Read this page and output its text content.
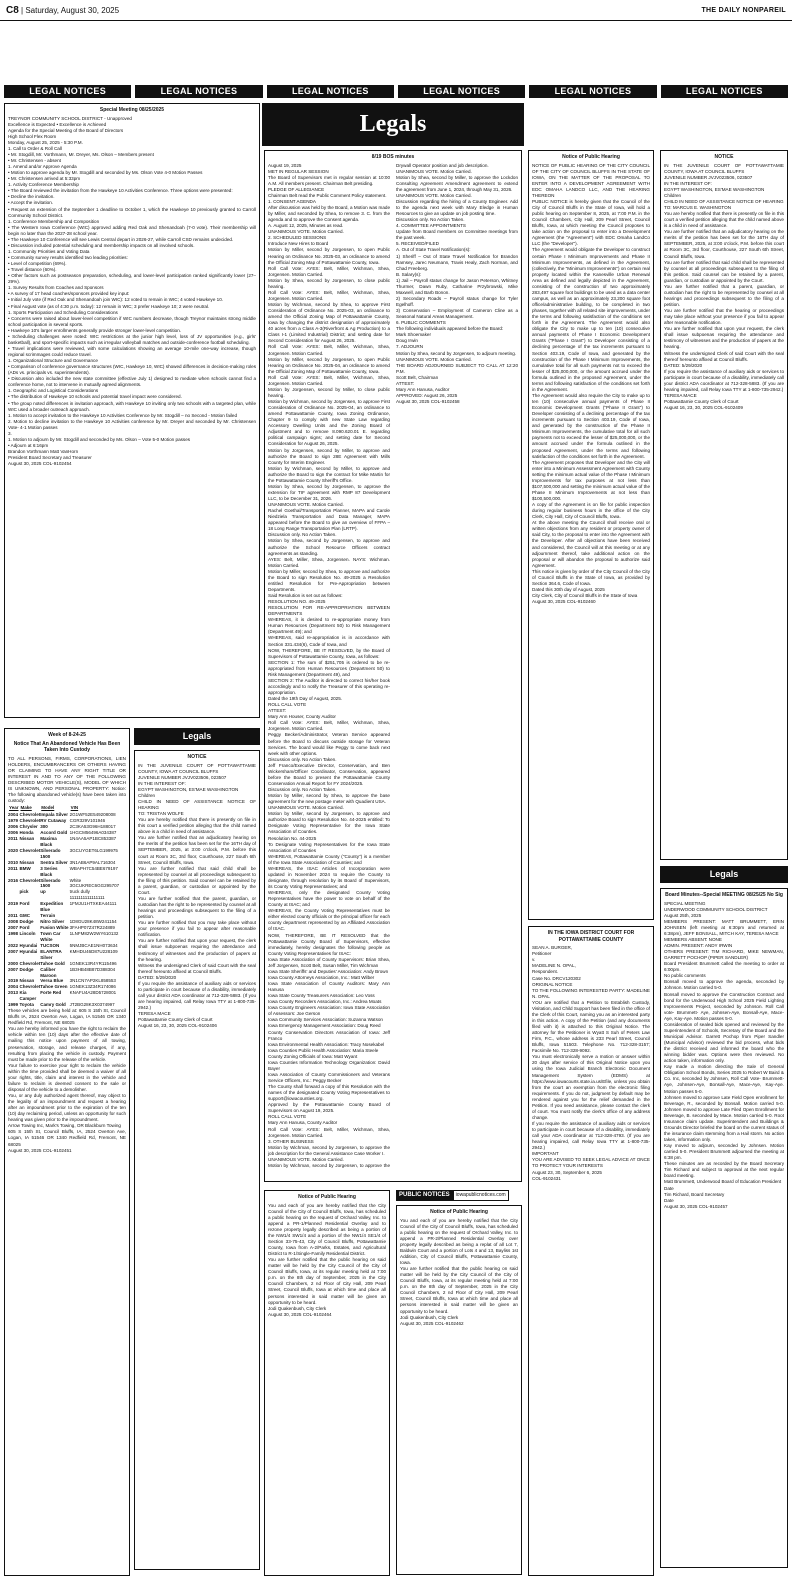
C8 | Saturday, August 30, 2025	THE DAILY NONPAREIL
LEGAL NOTICES	LEGAL NOTICES	LEGAL NOTICES	LEGAL NOTICES	LEGAL NOTICES	LEGAL NOTICES
Special Meeting 08/25/2025
TREYNOR COMMUNITY SCHOOL DISTRICT - Unapproved
Excellence is Expected • Excellence is Achieved
Agenda for the Special Meeting of the Board of Directors
High School Flex Room
Monday, August 25, 2025 - 5:30 P.M.
1. Call to Order & Roll Call
• Mr. Stogdill, Mr. Vorthmann, Mr. Dreyer, Ms. Olson – Members present
• Mr. Christensen - absent
1. Amend and/or Approve Agenda
• Motion to approve agenda by Mr. Stogdill and seconded by Ms. Olson Vote 4-0 Motion Passes
• Mr. Christensen arrived at 5:33pm
1. Activity Conference Membership
• The Board reviewed the invitation from the Hawkeye 10 Activities Conference. Three options were presented:
• Decline the invitation.
• Accept the invitation.
• Request an extension of the September 1 deadline to October 1, which the Hawkeye 10 previously granted to Carroll Community School District.
1. Conference Membership and Composition
• The Western Iowa Conference (WIC) approved adding Red Oak and Shenandoah (7-0 vote). Their membership will begin no later than the 2027-28 school year.
• The Hawkeye 10 Conference will see Lewis Central depart in 2026-27, while Carroll CSD remains undecided.
• Discussion included potential scheduling and membership impacts on all involved schools.
1. Community Priorities and Voting Data
• Community survey results identified two leading priorities:
• Level of competition (69%).
• Travel distance (60%).
• Other factors such as postseason preparation, scheduling, and lower-level participation ranked significantly lower (27–29%).
1. Survey Results from Coaches and Sponsors
• A survey of 17 head coaches/sponsors provided key input:
• Initial July vote (if Red Oak and Shenandoah join WIC): 12 voted to remain in WIC; 4 voted Hawkeye 10.
• Final August vote (as of 4:30 p.m. today): 12 remain in WIC; 3 prefer Hawkeye 10; 2 were neutral.
1. Sports Participation and Scheduling Considerations
• Concerns were raised about lower-level competition if WIC numbers decrease, though Treynor maintains strong middle school participation in several sports.
• Hawkeye 10's larger enrollments generally provide stronger lower-level competition.
• Scheduling challenges were noted: WIC restrictions at the junior high level, loss of JV opportunities (e.g., girls' basketball), and sport-specific impacts such as irregular volleyball matches and outside-conference football scheduling.
• Travel implications were reviewed, with some calculations showing an average 10-mile one-way increase, though regional scrimmages could reduce travel.
1. Organizational Structure and Governance
• Comparison of conference governance structures (WIC, Hawkeye 10, WIC) showed differences in decision-making roles (ADs vs. principals vs. superintendents).
• Discussion also included the new state committee (effective July 1) designed to mediate when schools cannot find a conference home, not to intervene in mutually agreed alignments.
1. Geographic and Logistical Considerations
• The distribution of Hawkeye 10 schools and potential travel impact were considered.
• The group noted differences in invitation approach, with Hawkeye 10 inviting only two schools with a targeted plan, while WIC used a broader outreach approach.
1. Motion to accept invitation to the Hawkeye 10 Activities Conference by Mr. Stogdill – no Second - Motion failed
2. Motion to decline invitation to the Hawkeye 10 Activities conference by Mr. Dreyer and seconded by Mr. Christensen Vote- 4-1 Motion passes
3.
1. Motion to adjourn by Mr. Stogdill and seconded by Ms. Olson – Vote 5-0 Motion passes
• Adjourn at 6:16pm
Brandon Vorthmann Matt VanHorn
President Board Secretary and Treasurer
August 30, 2025 COL-9102454
Week of 8-24-25
Notice That An Abandoned Vehicle Has Been Taken Into Custody
TO ALL PERSONS, FIRMS, CORPORATIONS, LIEN HOLDERS, ENCUMBRANCERS OR OTHERS HAVING OR CLAIMING TO HAVE ANY RIGHT TITLE OR INTEREST IN AND TO ANY OF THE FOLLOWING DESCRIBED MOTOR VEHICLE(S), MODEL OF WHICH IS UNKNOWN, AND PERSONAL PROPERTY: Notice: The following abandoned vehicle(s) have been taken into custody:
Year	Make	Model	VIN
2004	Chevrolet	Impala Silver	2G1WF52E549208008
1979	Chevrolet	RV Cutaway	CGR329V101946
2006	Chrysler	300	2C3KA53G96H188017
2006	Honda	Accord Gold	1HGCM56496A034387
2011	Nissan	Maxima Black	1N4AA5AP1BC853387
2020	Chevrolet	Silverado 1500	3GCUYGET6LG199975
2010	Nissan	Sentra Silver	3N1AB6AP9AL716304
2011	BMW	3 Series Black	WBAPH7C54BE679197
2016	Chevrolet	Silverado 1500	White 3GCUKREC6GG295707
	pick	up	truck dully 1111111111111111
2019	Ford	Expedition Blue	1FMJU1HTXKEA44111
2011	GMC	Terrain	
2008	Dodge	Nitro Silver	1D8GU28K48W241154
2007	Ford	Fusion White	3FAHP07Z47R224889
1998	Lincoln	Town Car White	1LNFM82W2WY610132
2022	Hyundai	TUCSON	5NMJBCAE1NH073634
2007	Hyundai	ELANTRA Silver	KMHDU46D87U228109
2000	Chevrolet	Tahoe Gold	1GNEK13R4YR115496
2007	Dodge	Caliber Maroon	1B3HB48B87D388304
2019	Nissan	Versa Blue	3N1CN7AP2KL858553
2004	Chevrolet	Tahoe Green	1GNEK13Z34R174086
2013	Kia	Forte Red	KNAFU4A28D5728001
	Camper		
1999	Toyota	Camry Gold	JT2BG28K3X0374997
These vehicles are being held at: 605 S 15th St, Council Bluffs IA, 2524 Overton Ave, Logan, IA 51546 OR 1340 Redfield Rd, Fremont, NE 68025
You are hereby informed you have the right to reclaim the vehicle within ten (10) days after the effective date of mailing this notice upon payment of all towing, preservation, storage, and release charges, if any, resulting from placing the vehicle in custody. Payment must be made prior to the release of the vehicle.
Your failure to exercise your right to reclaim the vehicle within the time provided shall be deemed a waiver of all your rights, title, claim and interest in the vehicle and failure to reclaim is deemed consent to the sale or disposal of the vehicle to a demolisher.
You, or any duly authorized agent thereof, may object to the legality of an impoundment and request a hearing after an impoundment prior to the expiration of the ten (10) day reclaiming period, unless an opportunity for such hearing was given prior to the impoundment.
Arrow Towing Inc, Mark's Towing, OR Blackburn Towing
605 S 15th St, Council Bluffs, IA, 2524 Overton Ave, Logan, IA 51546 OR 1340 Redfield Rd, Fremont, NE 68025
August 30, 2025 COL-9102451
Legals
NOTICE
IN THE JUVENILE COURT OF POTTAWATTAMIE COUNTY, IOWA AT COUNCIL BLUFFS
JUVENILE NUMBER JVJV023506, 023507
IN THE INTEREST OF:
EGYPT WASHINGTON, ES'MAE WASHINGTON
Children
CHILD IN NEED OF ASSISTANCE NOTICE OF HEARING
TO: TRISTAN WOLFE
You are hereby notified that there is presently on file in this court a verified petition alleging that the child named above is a child in need of assistance.
You are further notified that an adjudicatory hearing on the merits of the petition has been set for the 16TH day of SEPTEMBER, 2025, at 3:00 o'clock, P.M. before this court at Room 3C, 3rd floor, Courthouse, 227 South 6th Street, Council Bluffs, Iowa.
You are further notified that said child shall be represented by counsel at all proceedings subsequent to the filing of this petition. Said counsel can be retained by a parent, guardian, or custodian or appointed by the Court.
You are further notified that the parent, guardian, or custodian has the right to be represented by counsel at all hearings and proceedings subsequent to the filing of a petition.
You are further notified that you may take place without your presence if you fail to appear after reasonable notification.
You are further notified that upon your request, the clerk shall issue subpoenas requiring the attendance and testimony of witnesses and the production of papers at the hearing.
Witness the undersigned Clerk of said Court with the seal thereof hereunto affixed at Council Bluffs.
DATED: 5/29/2020
If you require the assistance of auxiliary aids or services to participate in court because of a disability, immediately call your district ADA coordinator at 712-328-5883. (If you are hearing impaired, call Relay Iowa TTY at 1-800-735-2942.)
TERESA MACE
Pottawattamie County Clerk of Court
August 16, 23, 30, 2025 COL-9102406
Legals
8/19 BOS minutes
August 19, 2025
MET IN REGULAR SESSION
The Board of Supervisors met in regular session at 10:00 A.M. All members present. Chairman Belt presiding.
PLEDGE OF ALLEGIANCE
Chairman Belt read the Public Comment Policy statement.
1. CONSENT AGENDA
After discussion was held by the Board, a Motion was made by Miller, and seconded by Shea, to remove 3. C. from the agenda and to approve the Consent agenda.
A. August 12, 2025, Minutes as read.
UNANIMOUS VOTE. Motion Carried.
2. SCHEDULED SESSIONS
Introduce New Hires to Board
Motion by Miller, second by Jorgensen, to open Public Hearing on Ordinance No. 2025-03, an ordinance to amend the Official Zoning Map of Pottawattamie County, Iowa.
Roll Call Vote: AYES: Belt, Miller, Wichman, Shea, Jorgensen. Motion Carried.
Motion by Shea, second by Jorgensen, to close public hearing.
Roll Call Vote: AYES: Belt, Miller, Wichman, Shea, Jorgensen. Motion Carried.
Motion by Wichman, second by Shea, to approve First Consideration of Ordinance No. 2025-03, an ordinance to amend the Official Zoning Map of Pottawattamie County, Iowa by changing the district designation of approximately 40 acres from a Class A-3(Riverfront & Ag Production) to a Class I-1 (Limited Industrial) District; and setting date for Second Consideration for August 26, 2025.
Roll Call Vote: AYES: Belt, Miller, Wichman, Shea, Jorgensen. Motion Carried.
Motion by Miller, second by Jorgensen, to open Public Hearing on Ordinance No. 2025-04, an ordinance to amend the Official Zoning Map of Pottawattamie County, Iowa.
Roll Call Vote: AYES: Belt, Miller, Wichman, Shea, Jorgensen. Motion Carried.
Motion by Jorgensen, second by Miller, to close public hearing.
Motion by Wichman, second by Jorgensen, to approve First Consideration of Ordinance No. 2025-04, an ordinance to amend Pottawattamie County, Iowa Zoning Ordinance, Chapter 9 to comply with new State Law regarding Accessory Dwelling Units and the Zoning Board of Adjustment and to remove 8.090.620.01 E. regarding political campaign signs; and setting date for Second Consideration for August 26, 2025.
Motion by Jorgensen, second by Miller, to approve and authorize the Board to sign 28E Agreement with Mills County for Interim Engineer.
Motion by Wichman, second by Miller, to approve and authorize the Board to sign the contract for Mike Martin for the Pottawattamie County Sheriff's Office.
Motion by Shea, second by Jorgensen, to approve the extension for TIF agreement with RMP 87 Development LLC, to be December 31, 2026.
UNANIMOUS VOTE. Motion Carried.
Rachel Goethal/Transportation Planner, MAPA and Carole Niedziela Transportation and Data Manager, MAPA appeared before the Board to give an overview of FFPA – 18 Long Range Transportation Plan (LRTP).
Discussion only. No Action Taken.
Motion by Shea, second by Jorgensen, to approve and authorize the School Resource Officers contract agreements as standing.
AYES: Belt, Miller, Shea, Jorgensen. NAYS: Wichman. Motion Carried.
Motion by Miller, second by Shea, to approve and authorize the Board to sign Resolution No. 49-2025 a Resolution entitled Resolution for Pre-Appropriation between Departments.
Said Resolution is set out as follows:
RESOLUTION NO. 49-2025
RESOLUTION FOR RE-APPROPRIATION BETWEEN DEPARTMENTS
WHEREAS, it is desired to re-appropriate money from Human Resources (Department 50) to Risk Management (Department 49); and
WHEREAS, said re-appropriation is in accordance with Section 331.434(6), Code of Iowa, and
NOW, THEREFORE, BE IT RESOLVED, by the Board of Supervisors of Pottawattamie County, Iowa, as follows:
SECTION 1: The sum of $251,705 is ordered to be re-appropriated from Human Resources (Department 50) to Risk Management (Department 49), and
SECTION 2: The Auditor is directed to correct his/her book accordingly and to notify the Treasurer of this operating re-appropriation.
Dated the 19th Day of August, 2025.
ROLL CALL VOTE
ATTEST:
Mary Ann Houser, County Auditor
Roll Call Vote: AYES: Belt, Miller, Wichman, Shea, Jorgensen. Motion Carried.
Peggy Becker/Administrator, Veteran Service appeared before the Board to discuss outside storage for Veteran Services. The board would like Peggy to come back next week with other options.
Discussion only. No Action Taken.
Jeff Franco/Executive Director, Conservation, and Ben Wickersham/Officer Coordinator, Conservation, appeared before the Board to present the Pottawattamie County Conservation Annual Report for FY 2024/2025.
Discussion only. No Action Taken.
Motion by Miller, second by Shea, to approve the base agreement for the new postage meter with Quadient USA.
UNANIMOUS VOTE. Motion Carried.
Motion by Miller, second by Jorgensen, to approve and authorize Board to sign Resolution No. 44-2025 entitled: To Designate Voting Representative for the Iowa State Association of Counties.
Resolution No. 44-2025
To Designate Voting Representatives for the Iowa State Association of Counties
WHEREAS, Pottawattamie County ("County") is a member of the Iowa State Association of Counties; and
WHEREAS, the ISAC Articles of Incorporation were updated in November 2024 to require the County to designate, through resolution by its Board of Supervisors, its County Voting Representatives; and
WHEREAS, only the designated County Voting Representatives have the power to vote on behalf of the County at ISAC; and
WHEREAS, the County Voting Representatives must be either elected county officials or the principal officer for each county department represented by an Affiliated Association of ISAC.
NOW, THEREFORE, BE IT RESOLVED that the Pottawattamie County Board of Supervisors, effective immediately, hereby designates the following people as County Voting Representatives for ISAC:
Iowa State Association of County Supervisors: Brian Shea, Jeff Jorgensen, Scott Belt, Susan Miller, Tim Wichman
Iowa State Sheriffs' and Deputies' Association: Andy Brown
Iowa County Attorneys Association, Inc.: Matt Wilber
Iowa State Association of County Auditors: Mary Ann Hanusa
Iowa State County Treasurers Association: Leo Voss
Iowa County Recorders Association, Inc.: Andrea Moats
Iowa County Engineers Association: Iowa State Association of Assessors: Joe Gerson
Iowa Community Services Association: Suzanna Watson
Iowa Emergency Management Association: Doug Reed
County Conservation Directors Association of Iowa: Jeff Franco
Iowa Environmental Health Association: Tracy Nosekabel
Iowa Counties Public Health Association: Maria Steele
County Zoning Officials of Iowa: Matt Wyant
Iowa Counties Information Technology Organization: David Bayer
Iowa Association of County Commissioners and Veterans Service Officers, Inc.: Peggy Becker
The County shall forward a copy of this Resolution with the names of the designated County Voting Representatives to support@iowacounties.org.
Approved by the Pottawattamie County Board of Supervisors on August 19, 2025.
ROLL CALL VOTE
Mary Ann Hanusa, County Auditor
Roll Call Vote: AYES: Belt, Miller, Wichman, Shea, Jorgensen. Motion Carried.
3. OTHER BUSINESS
Motion by Wichman, second by Jorgensen, to approve the job description for the General Assistance Case Worker I.
UNANIMOUS VOTE. Motion Carried.
Motion by Wichman, second by Jorgensen, to approve the Drywall Operator position and job description.
UNANIMOUS VOTE. Motion Carried.
Motion by Shea, second by Miller, to approve the Lockdon Consulting Agreement Amendment agreement to extend the agreement from June 1, 2024, through May 31, 2026.
UNANIMOUS VOTE. Motion Carried.
Discussion regarding the hiring of a County Engineer. Add to the agenda next week with Mary Eledge in Human Resources to give an update on job posting time.
Discussion only. No Action Taken.
4. COMMITTEE APPOINTMENTS
Update from Board members on Committee meetings from the past week.
5. RECEIVED/FILED
A. Out of State Travel Notification(s):
1) Sheriff – Out of State Travel Notification for Brandon Ramsey, Jarec Neumann, Travis Healy, Zach Norman, and Chad Freeberg.
B. Salary(s):
1) Jail – Payroll status change for Jason Peterson, Whitney Thurmer, Dawn Ruby, Catharine Przybrowski, Mike Maxwell, and Barb Bonon.
2) Secondary Roads – Payroll status change for Tyler Egelhoff.
3) Conservation – Employment of Cameron Cline as a Seasonal Natural Areas Management.
6. PUBLIC COMMENTS
The following individuals appeared before the Board:
Mark Shoemaker
Doug Irwin
7. ADJOURN
Motion by Shea, second by Jorgensen, to adjourn meeting.
UNANIMOUS VOTE. Motion Carried.
THE BOARD ADJOURNED SUBJECT TO CALL AT 12:20 P.M.
Scott Belt, Chairman
ATTEST:
Mary Ann Hanusa, Auditor
APPROVED: August 26, 2025
August 30, 2025 COL-9102458
Notice of Public Hearing
You and each of you are hereby notified that the City Council of the City of Council Bluffs, Iowa, has scheduled a public hearing on the request of Orchard Valley, Inc. to append a PR-1/Planned Residential Overlay and to rezone property legally described as being a portion of the NW1/4 SW1/4 and a portion of the NW1/4 SE1/4 of Section 33-75-43, City of Council Bluffs, Pottawattamie County, Iowa from A-2/Parks, Estates, and Agricultural District to R-1/Single-Family Residential District.
You are further notified that the public hearing on said matter will be held by the City Council of the City of Council Bluffs, Iowa, at its regular meeting held at 7:00 p.m. on the 8th day of September, 2025 in the City Council Chambers, 2 nd Floor of City Hall, 209 Pearl Street, Council Bluffs, Iowa at which time and place all persons interested in said matter will be given an opportunity to be heard.
Jodi Quakenbush, City Clerk
August 30, 2025 COL-9102464
PUBLIC NOTICES	iowapublicnotices.com
Notice of Public Hearing
You and each of you are hereby notified that the City Council of the City of Council Bluffs, Iowa, has scheduled a public hearing on the request of Orchard Valley, Inc. to append a PR-2/Planned Residential Overlay over property legally described as being a replat of all Lot 7, Baldwin Court and a portion of Lots 4 and 13, Bayliss 1st Addition, City of Council Bluffs, Pottawattamie County, Iowa.
You are further notified that the public hearing on said matter will be held by the City Council of the City of Council Bluffs, Iowa, at its regular meeting held at 7:00 p.m. on the 8th day of September, 2025 in the City Council Chambers, 2 nd Floor of City Hall, 209 Pearl Street, Council Bluffs, Iowa at which time and place all persons interested in said matter will be given an opportunity to be heard.
Jodi Quakenbush, City Clerk
August 30, 2025 COL-9102462
Notice of Public Hearing
NOTICE OF PUBLIC HEARING OF THE CITY COUNCIL OF THE CITY OF COUNCIL BLUFFS IN THE STATE OF IOWA, ON THE MATTER OF THE PROPOSAL TO ENTER INTO A DEVELOPMENT AGREEMENT WITH EDC OMAHA LANDCO LLC, AND THE HEARING THEREON
PUBLIC NOTICE is hereby given that the Council of the City of Council Bluffs in the State of Iowa, will hold a public hearing on September 8, 2025, at 7:00 P.M. in the Council Chambers, City Hall, 209 Pearl Street, Council Bluffs, Iowa, at which meeting the Council proposes to take action on the proposal to enter into a Development Agreement (the "Agreement") with EDC Omaha LandCo LLC (the "Developer").
The Agreement would obligate the Developer to construct certain Phase I Minimum Improvements and Phase II Minimum Improvements, as defined in the Agreement, (collectively, the "Minimum Improvements") on certain real property located within the Kanesville Urban Renewal Area as defined and legally depicted in the Agreement, consisting of the construction of two approximately 283,497 square foot buildings to be used as a data center campus, as well as an approximately 23,200 square foot office/administrative building, to be completed in two phases, together with all related site improvements, under the terms and following satisfaction of the conditions set forth in the Agreement. The Agreement would also obligate the City to make up to ten (10) consecutive annual payments of Phase I Economic Development Grants ("Phase I Grant") to Developer consisting of a declining percentage of the tax increments pursuant to Section 403.19, Code of Iowa, and generated by the construction of the Phase I Minimum Improvements, the cumulative total for all such payments not to exceed the lesser of $25,000,000, or the amount accrued under the formula outlined in the proposed Agreement, under the terms and following satisfaction of the conditions set forth in the Agreement.
The Agreement would also require the City to make up to ten (10) consecutive annual payments of Phase II Economic Development Grants ("Phase II Grant") to Developer consisting of a declining percentage of the tax increments pursuant to Section 403.19, Code of Iowa, and generated by the construction of the Phase II Minimum Improvements, the cumulative total for all such payments not to exceed the lesser of $25,000,000, or the amount accrued under the formula outlined in the proposed Agreement, under the terms and following satisfaction of the conditions set forth in the Agreement.
The Agreement proposes that Developer and the City will enter into a Minimum Assessment Agreement with County setting the minimum actual value of the Phase I Minimum Improvements for tax purposes at not less than $107,500,000 and setting the minimum actual value of the Phase II Minimum Improvements at not less than $100,500,000.
A copy of the Agreement is on file for public inspection during regular business hours in the office of the City Clerk, City Hall, City of Council Bluffs, Iowa.
At the above meeting the Council shall receive oral or written objections from any resident or property owner of said City, to the proposal to enter into the Agreement with the Developer. After all objections have been received and considered, the Council will at this meeting or at any adjournment thereof, take additional action on the proposal or will abandon the proposal to authorize said Agreement.
This notice is given by order of the City Council of the City of Council Bluffs in the State of Iowa, as provided by Section 364.6, Code of Iowa.
Dated this 30th day of August, 2025
City Clerk, City of Council Bluffs in the State of Iowa
August 30, 2025 COL-9102460
IN THE IOWA DISTRICT COURT FOR POTTAWATTAMIE COUNTY
SEAN A. BURGER,
Petitioner
v.
MADELINE N. OPAL,
Respondent.
Case No. DRCV120302
ORIGINAL NOTICE
TO THE FOLLOWING INTERESTED PARTY: MADELINE N. OPAL
YOU are notified that a Petition to Establish Custody, Visitation, and Child Support has been filed in the office of the Clerk of this Court, naming you as an interested party in this action. A copy of the Petition (and any documents filed with it) is attached to this Original Notice. The attorney for the Petitioner is Wyatt S Suh of Peters Law Firm, P.C., whose address is 233 Pearl Street, Council Bluffs, Iowa 51503. Telephone No. 712-328-3157; Facsimile No. 712-328-9092.
You must electronically serve a motion or answer within 20 days after service of this Original Notice upon you using the Iowa Judicial Branch Electronic Document Management System (EDMS) at https://www.iowacourts.state.ia.us/Efile, unless you obtain from the court an exemption from the electronic filing requirements. If you do not, judgment by default may be rendered against you for the relief demanded in the Petition. If you need assistance, please contact the clerk of court. You must notify the clerk's office of any address change.
If you require the assistance of auxiliary aids or services to participate in court because of a disability, immediately call your ADA coordinator at 712-328-4793. (If you are hearing impaired, call Relay Iowa TTY at 1-800-735-2942.)
IMPORTANT
YOU ARE ADVISED TO SEEK LEGAL ADVICE AT ONCE TO PROTECT YOUR INTERESTS
August 23, 30, September 6, 2025
COL-9102431
NOTICE
IN THE JUVENILE COURT OF POTTAWATTAMIE COUNTY, IOWA AT COUNCIL BLUFFS
JUVENILE NUMBER JVJV023506, 023507
IN THE INTEREST OF:
EGYPT WASHINGTON, ES'MAE WASHINGTON
Children
CHILD IN NEED OF ASSISTANCE NOTICE OF HEARING
TO: MARCUS E. WASHINGTON
You are hereby notified that there is presently on file in this court a verified petition alleging that the child named above is a child in need of assistance.
You are further notified that an adjudicatory hearing on the merits of the petition has been set for the 16TH day of SEPTEMBER, 2025, at 3:00 o'clock, P.M. before this court at Room 3C, 3rd floor, Courthouse, 227 South 6th Street, Council Bluffs, Iowa.
You are further notified that said child shall be represented by counsel at all proceedings subsequent to the filing of this petition. Said counsel can be retained by a parent, guardian, or custodian or appointed by the Court.
You are further notified that a parent, guardian, or custodian has the right to be represented by counsel at all hearings and proceedings subsequent to the filing of a petition.
You are further notified that the hearing or proceedings may take place without your presence if you fail to appear after reasonable notification.
You are further notified that upon your request, the clerk shall issue subpoenas requiring the attendance and testimony of witnesses and the production of papers at the hearing.
Witness the undersigned Clerk of said Court with the seal thereof hereunto affixed at Council Bluffs.
DATED: 5/29/2020
If you require the assistance of auxiliary aids or services to participate in court because of a disability, immediately call your district ADA coordinator at 712-328-5883. (If you are hearing impaired, call Relay Iowa TTY at 1-800-735-2942.)
TERESA MACE
Pottawattamie County Clerk of Court
August 16, 23, 30, 2025 COL-9102409
Legals
Board Minutes--Special MEETING 08/25/25 No Sig
SPECIAL MEETING
UNDERWOOD COMMUNITY SCHOOL DISTRICT
August 25th, 2025
MEMBERS PRESENT: MATT BRUMMETT, ERIN JOHNSEN (left meeting at 6:30pm and returned at 6:38pm), JEFF BONSALL, MITCH KAY, TERESA MACE
MEMBERS ABSENT: NONE
ADMIN. PRESENT: ANDY IRWIN
OTHERS PRESENT: TIM RICHARD, MIKE NEWMAN, GARRETT POCHOP (PIPER SANDLER)
Board President Brummett called the meeting to order at 6:00pm.
No public comments
Bonsall moved to approve the agenda, seconded by Johnson. Motion carried 5-0.
Bonsall moved to approve the Construction Contract and bond for the Underwood High School 2025 Field Lighting Improvements Project, seconded by Johnson. Roll Call vote- Brummett- Aye, Johnsen-Aye, Bonsall-Aye, Mace-Aye, Kay-Aye. Motion passes 5-0.
Consideration of sealed bids opened and reviewed by the Superintendent of Schools, Secretary of the Board and the Municipal Advisor. Garrett Pochop from Piper Sandler (Municipal Advisor) reviewed the bid process, what bids the district received and informed the board who the winning bidder was. Options were then reviewed. No action taken, information only.
Kay made a motion directing the Sale of General Obligation School Bonds, Series 2025 to Robert W Baird & Co. Inc, seconded by Johnsen, Roll Call Vote- Brummett- Aye, Johnsen-Aye, Bonsall-Aye, Mace-Aye, Kay-Aye. Motion passes 5-0.
Johnsen moved to approve Late Field Open enrollment for Beverage, R., seconded by Bonsall. Motion carried 5-0. Johnsen moved to approve Late Filed Open Enrollment for Beverage, B. seconded by Mace. Motion carried 5-0. Root Insurance claim update. Superintendent and Buildings & Grounds Director briefed the board on the current status of the insurance claim stemming from a Hail storm. No action taken, information only.
Kay moved to adjourn, seconded by Johnsen. Motion carried 5-0. President Brummett adjourned the meeting at 6:38 pm.
These minutes are as recorded by the Board Secretary Tim Richard and subject to approval at the next regular board meeting.
Matt Brummett, Underwood Board of Education President
Date
Tim Richard, Board Secretary
Date
August 30, 2025 COL-9102457
